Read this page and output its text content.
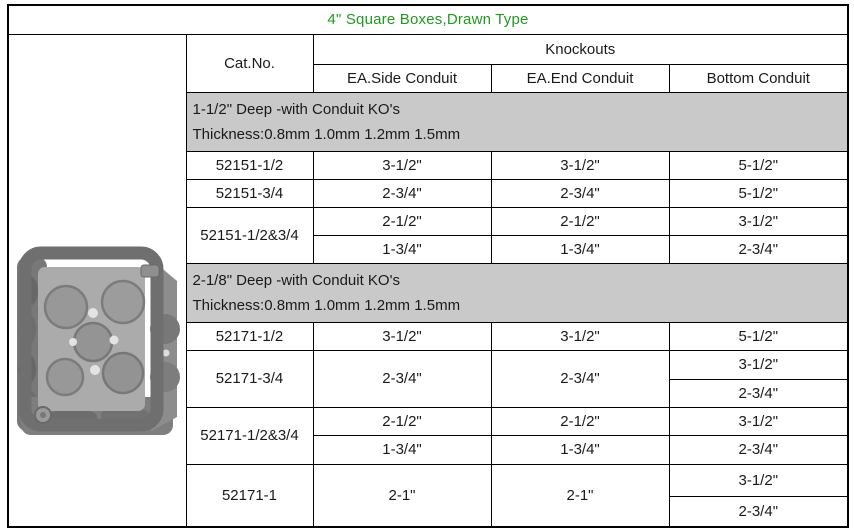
4" Square Boxes,Drawn Type				

	Cat.No.	Knockouts		
		EA.Side Conduit	EA.End Conduit	Bottom Conduit

	1-1/2" Deep -with Conduit KO's
Thickness:0.8mm 1.0mm 1.2mm 1.5mm			

	52151-1/2	3-1/2"	3-1/2"	5-1/2"
	52151-3/4	2-3/4"	2-3/4"	5-1/2"
	52151-1/2&3/4	2-1/2"	2-1/2"	3-1/2"
		1-3/4"	1-3/4"	2-3/4"

	2-1/8" Deep -with Conduit KO's
Thickness:0.8mm 1.0mm 1.2mm 1.5mm			

	52171-1/2	3-1/2"	3-1/2"	5-1/2"
	52171-3/4	2-3/4"	2-3/4"	3-1/2"
				2-3/4"
	52171-1/2&3/4	2-1/2"	2-1/2"	3-1/2"
		1-3/4"	1-3/4"	2-3/4"
	52171-1	2-1"	2-1"	3-1/2"
				2-3/4"
